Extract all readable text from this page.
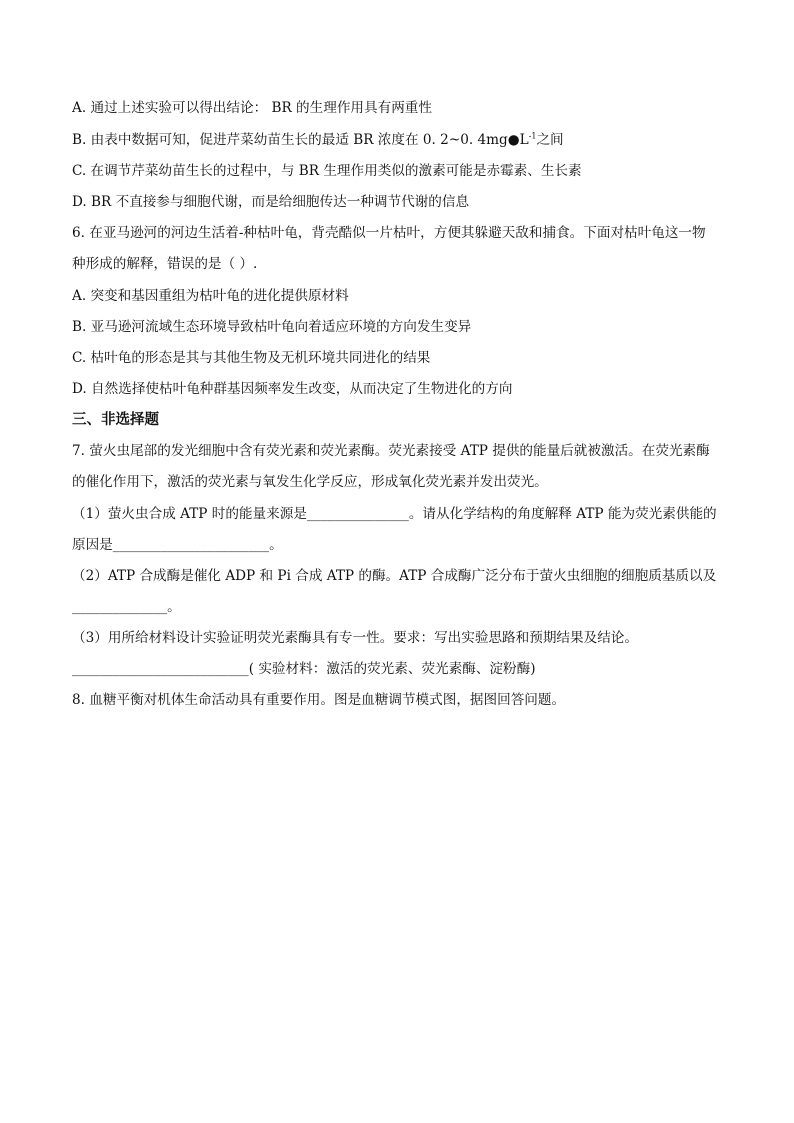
A. 通过上述实验可以得出结论： BR 的生理作用具有两重性
B. 由表中数据可知，促进芹菜幼苗生长的最适 BR 浓度在 0. 2~0. $4mg●L^{-1}$之间
C. 在调节芹菜幼苗生长的过程中，与 BR 生理作用类似的激素可能是赤霉素、生长素
D. BR 不直接参与细胞代谢，而是给细胞传达一种调节代谢的信息
6. 在亚马逊河的河边生活着-种枯叶龟，背壳酷似一片枯叶，方便其躲避天敌和捕食。下面对枯叶龟这一物
种形成的解释，错误的是（ ）.
A. 突变和基因重组为枯叶龟的进化提供原材料
B. 亚马逊河流域生态环境导致枯叶龟向着适应环境的方向发生变异
C. 枯叶龟的形态是其与其他生物及无机环境共同进化的结果
D. 自然选择使枯叶龟种群基因频率发生改变，从而决定了生物进化的方向
三、非选择题
7. 萤火虫尾部的发光细胞中含有荧光素和荧光素酶。荧光素接受 ATP 提供的能量后就被激活。在荧光素酶
的催化作用下，激活的荧光素与氧发生化学反应，形成氧化荧光素并发出荧光。
（1）萤火虫合成 ATP 时的能量来源是_______________。请从化学结构的角度解释 ATP 能为荧光素供能的
原因是_______________________。
（2）ATP 合成酶是催化 ADP 和 Pi 合成 ATP 的酶。ATP 合成酶广泛分布于萤火虫细胞的细胞质基质以及
______________。
（3）用所给材料设计实验证明荧光素酶具有专一性。要求：写出实验思路和预期结果及结论。
__________________________( 实验材料：激活的荧光素、荧光素酶、淀粉酶)
8. 血糖平衡对机体生命活动具有重要作用。图是血糖调节模式图，据图回答问题。
